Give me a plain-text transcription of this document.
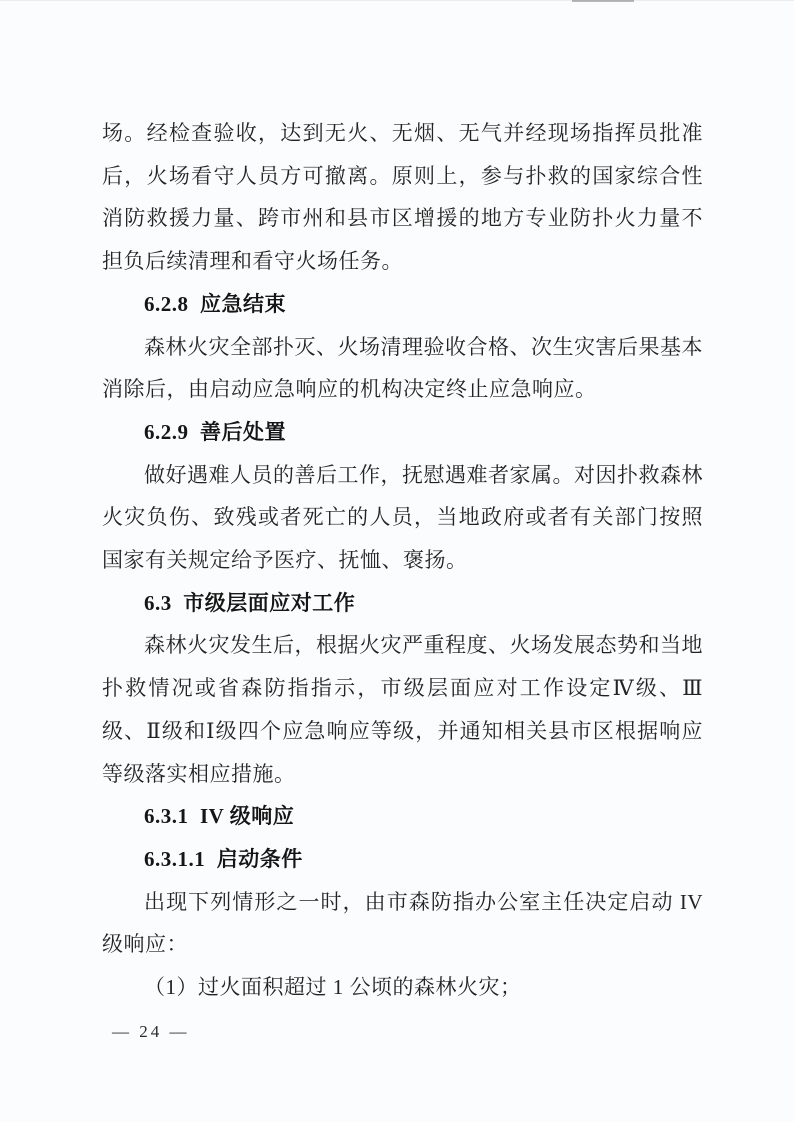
场。经检查验收，达到无火、无烟、无气并经现场指挥员批准后，火场看守人员方可撤离。原则上，参与扑救的国家综合性消防救援力量、跨市州和县市区增援的地方专业防扑火力量不担负后续清理和看守火场任务。

6.2.8  应急结束

森林火灾全部扑灭、火场清理验收合格、次生灾害后果基本消除后，由启动应急响应的机构决定终止应急响应。

6.2.9  善后处置

做好遇难人员的善后工作，抚慰遇难者家属。对因扑救森林火灾负伤、致残或者死亡的人员，当地政府或者有关部门按照国家有关规定给予医疗、抚恤、褒扬。

6.3  市级层面应对工作

森林火灾发生后，根据火灾严重程度、火场发展态势和当地扑救情况或省森防指指示，市级层面应对工作设定Ⅳ级、Ⅲ级、Ⅱ级和Ⅰ级四个应急响应等级，并通知相关县市区根据响应等级落实相应措施。

6.3.1  IV 级响应

6.3.1.1  启动条件

出现下列情形之一时，由市森防指办公室主任决定启动 IV 级响应：

（1）过火面积超过 1 公顷的森林火灾；

— 24 —
